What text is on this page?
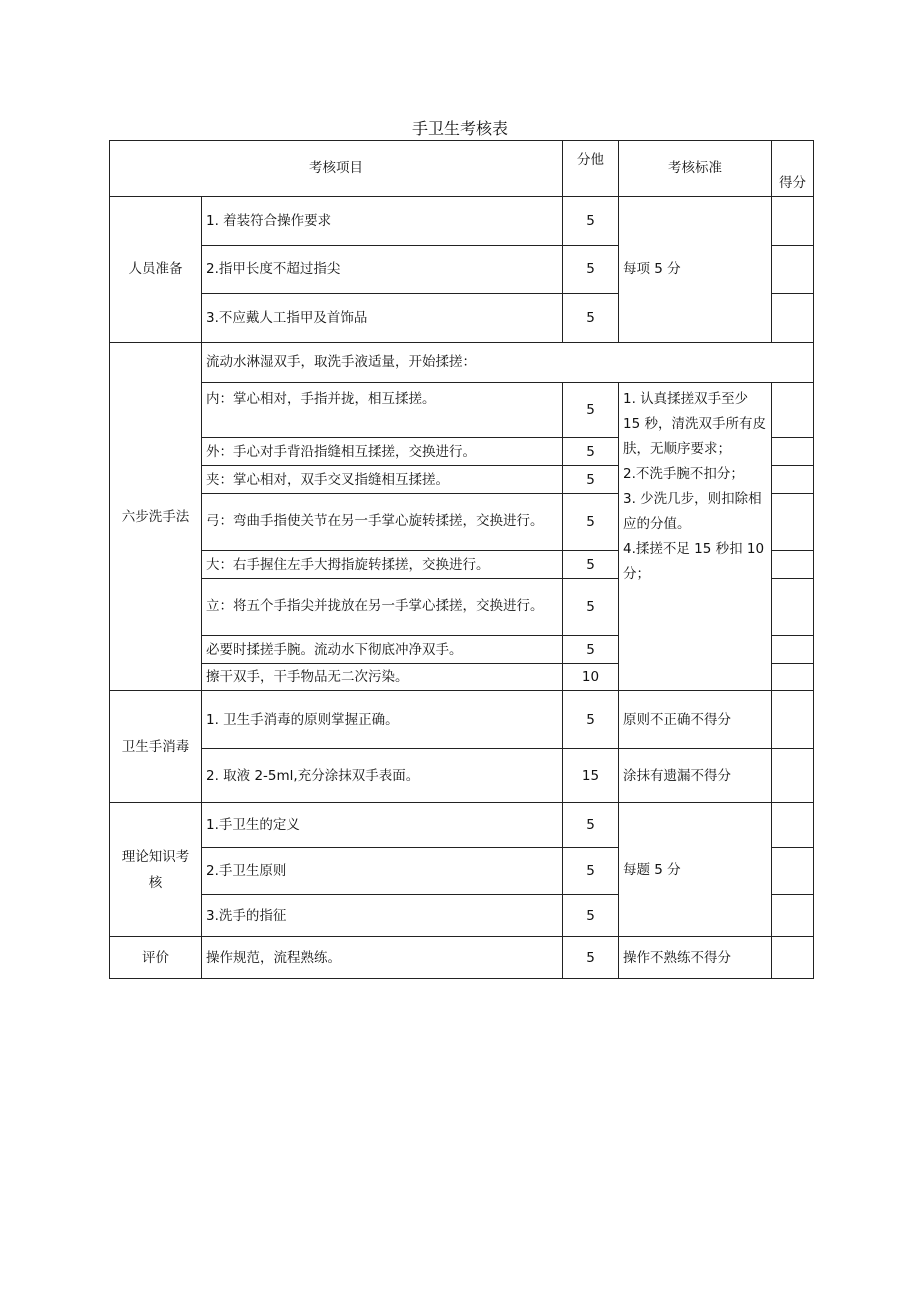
手卫生考核表
考核项目		分他	考核标准	得分
人员准备	1. 着装符合操作要求	5	每项 5 分	
	2.指甲长度不超过指尖	5		
	3.不应戴人工指甲及首饰品	5		
六步洗手法	流动水淋湿双手，取洗手液适量，开始揉搓：			
	内：掌心相对，手指并拢，相互揉搓。	5	1. 认真揉搓双手至少 15 秒，清洗双手所有皮肤，无顺序要求；
2.不洗手腕不扣分；
3. 少洗几步，则扣除相应的分值。
4.揉搓不足 15 秒扣 10 分；	

	外：手心对手背沿指缝相互揉搓，交换进行。	5		
	夹：掌心相对，双手交叉指缝相互揉搓。	5		
	弓：弯曲手指使关节在另一手掌心旋转揉搓，交换进行。	5		
	大：右手握住左手大拇指旋转揉搓，交换进行。	5		
	立：将五个手指尖并拢放在另一手掌心揉搓，交换进行。	5		
	必要时揉搓手腕。流动水下彻底冲净双手。	5		
	擦干双手，干手物品无二次污染。	10		
卫生手消毒	1. 卫生手消毒的原则掌握正确。	5	原则不正确不得分	
	2. 取液 2-5ml,充分涂抹双手表面。	15	涂抹有遗漏不得分	
理论知识考核	1.手卫生的定义	5	每题 5 分	
	2.手卫生原则	5		
	3.洗手的指征	5		
评价	操作规范，流程熟练。	5	操作不熟练不得分	
